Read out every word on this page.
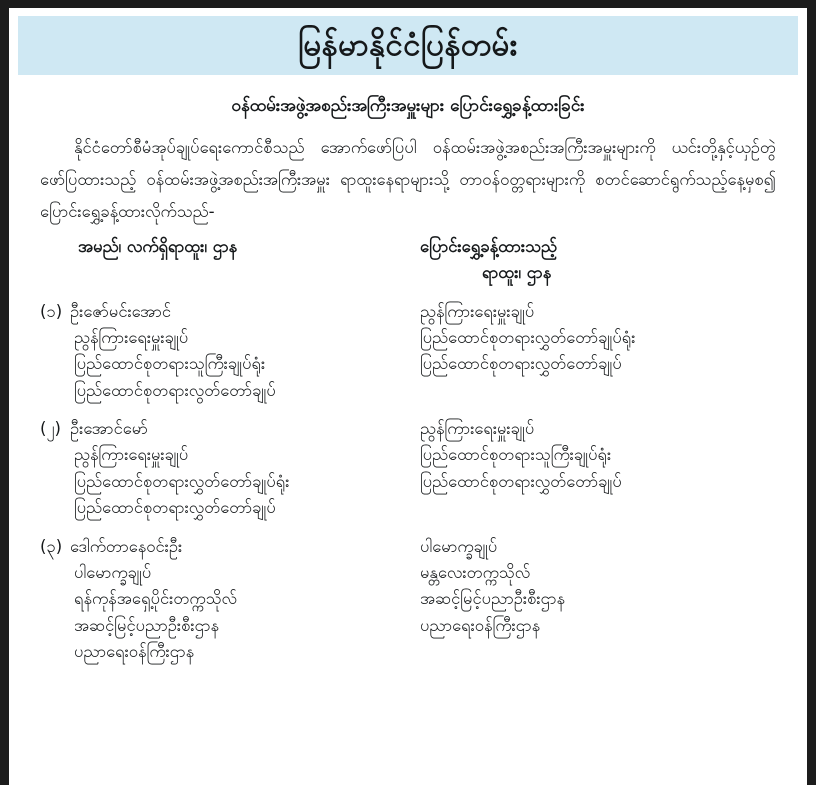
မြန်မာနိုင်ငံပြန်တမ်း
ဝန်ထမ်းအဖွဲ့အစည်းအကြီးအမှူးများ ပြောင်းရွှေ့ခန့်ထားခြင်း

နိုင်ငံတော်စီမံအုပ်ချုပ်ရေးကောင်စီသည် အောက်ဖော်ပြပါ ဝန်ထမ်းအဖွဲ့အစည်းအကြီးအမှူးများကို ယင်းတို့နှင့်ယှဉ်တွဲဖော်ပြထားသည့် ဝန်ထမ်းအဖွဲ့အစည်းအကြီးအမှူး ရာထူးနေရာများသို့ တာဝန်ဝတ္တရားများကို စတင်ဆောင်ရွက်သည့်နေ့မှစ၍ ပြောင်းရွှေ့ခန့်ထားလိုက်သည်-

အမည်၊ လက်ရှိရာထူး၊ ဌာန	ပြောင်းရွှေ့ခန့်ထားသည့်
ရာထူး၊ ဌာန
(၁) ဦးဇော်မင်းအောင်
ညွန်ကြားရေးမှူးချုပ်
ပြည်ထောင်စုတရားသူကြီးချုပ်ရုံး
ပြည်ထောင်စုတရားလွတ်တော်ချုပ်
ညွန်ကြားရေးမှူးချုပ်
ပြည်ထောင်စုတရားလွှတ်တော်ချုပ်ရုံး
ပြည်ထောင်စုတရားလွှတ်တော်ချုပ်
(၂) ဦးအောင်မော်
ညွန်ကြားရေးမှူးချုပ်
ပြည်ထောင်စုတရားလွှတ်တော်ချုပ်ရုံး
ပြည်ထောင်စုတရားလွှတ်တော်ချုပ်
ညွန်ကြားရေးမှူးချုပ်
ပြည်ထောင်စုတရားသူကြီးချုပ်ရုံး
ပြည်ထောင်စုတရားလွှတ်တော်ချုပ်
(၃) ဒေါက်တာနေဝင်းဦး
ပါမောက္ခချုပ်
ရန်ကုန်အရှေ့ပိုင်းတက္ကသိုလ်
အဆင့်မြင့်ပညာဦးစီးဌာန
ပညာရေးဝန်ကြီးဌာန
ပါမောက္ခချုပ်
မန္တလေးတက္ကသိုလ်
အဆင့်မြင့်ပညာဦးစီးဌာန
ပညာရေးဝန်ကြီးဌာန
